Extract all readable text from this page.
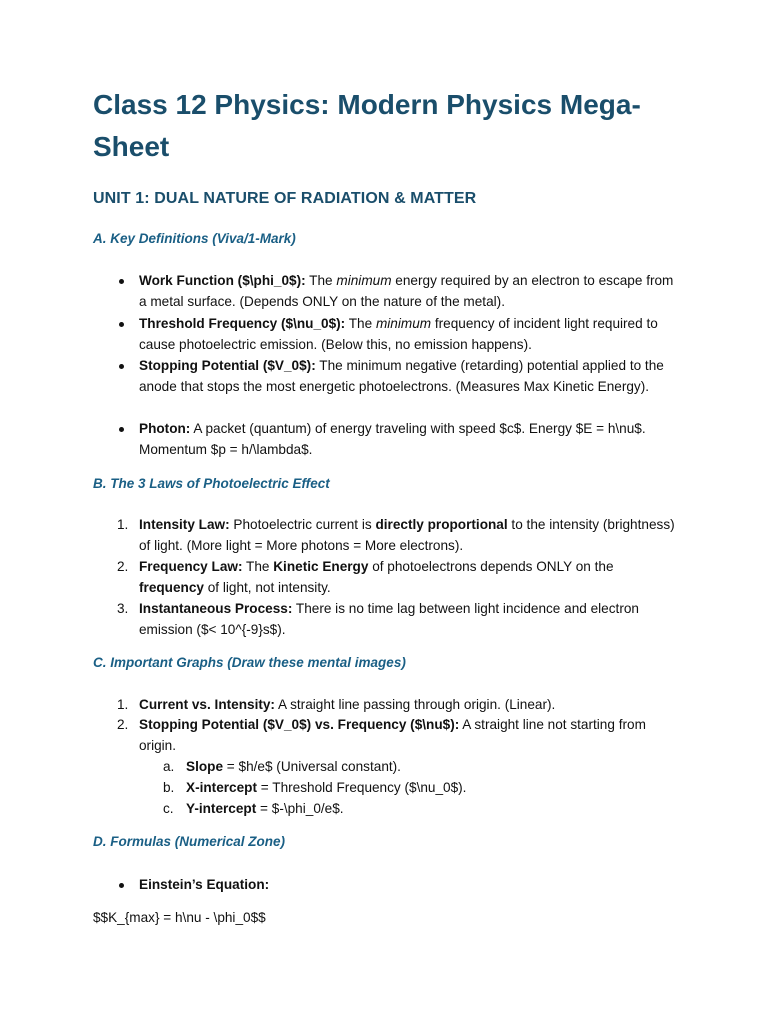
Class 12 Physics: Modern Physics Mega-Sheet
UNIT 1: DUAL NATURE OF RADIATION & MATTER
A. Key Definitions (Viva/1-Mark)
Work Function ($\phi_0$): The minimum energy required by an electron to escape from a metal surface. (Depends ONLY on the nature of the metal).
Threshold Frequency ($\nu_0$): The minimum frequency of incident light required to cause photoelectric emission. (Below this, no emission happens).
Stopping Potential ($V_0$): The minimum negative (retarding) potential applied to the anode that stops the most energetic photoelectrons. (Measures Max Kinetic Energy).
Photon: A packet (quantum) of energy traveling with speed $c$. Energy $E = h\nu$. Momentum $p = h/\lambda$.
B. The 3 Laws of Photoelectric Effect
1. Intensity Law: Photoelectric current is directly proportional to the intensity (brightness) of light. (More light = More photons = More electrons).
2. Frequency Law: The Kinetic Energy of photoelectrons depends ONLY on the frequency of light, not intensity.
3. Instantaneous Process: There is no time lag between light incidence and electron emission ($< 10^{-9}s$).
C. Important Graphs (Draw these mental images)
1. Current vs. Intensity: A straight line passing through origin. (Linear).
2. Stopping Potential ($V_0$) vs. Frequency ($\nu$): A straight line not starting from origin.
a. Slope = $h/e$ (Universal constant).
b. X-intercept = Threshold Frequency ($\nu_0$).
c. Y-intercept = $-\phi_0/e$.
D. Formulas (Numerical Zone)
Einstein’s Equation:
$$K_{max} = h\nu - \phi_0$$
